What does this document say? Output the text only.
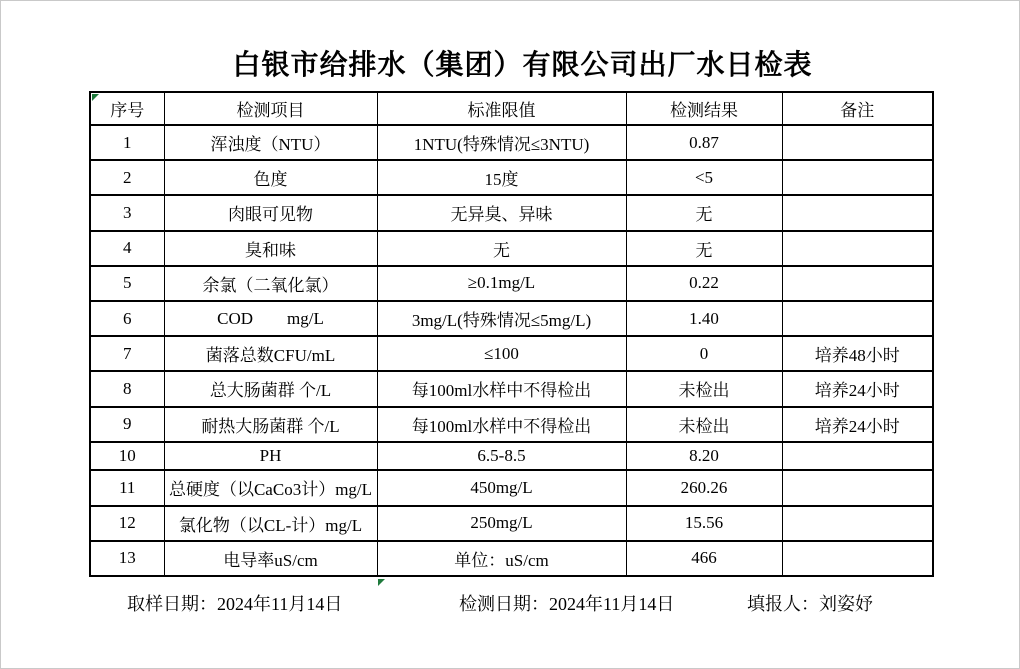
白银市给排水（集团）有限公司出厂水日检表
序号	检测项目	标准限值	检测结果	备注
1	浑浊度（NTU）	1NTU(特殊情况≤3NTU)	0.87	
2	色度	15度	<5	
3	肉眼可见物	无异臭、异味	无	
4	臭和味	无	无	
5	余氯（二氧化氯）	≥0.1mg/L	0.22	
6	COD        mg/L	3mg/L(特殊情况≤5mg/L)	1.40	
7	菌落总数CFU/mL	≤100	0	培养48小时
8	总大肠菌群 个/L	每100ml水样中不得检出	未检出	培养24小时
9	耐热大肠菌群 个/L	每100ml水样中不得检出	未检出	培养24小时
10	PH	6.5-8.5	8.20	
11	总硬度（以CaCo3计）mg/L	450mg/L	260.26	
12	氯化物（以CL-计）mg/L	250mg/L	15.56	
13	电导率uS/cm	单位：uS/cm	466	
取样日期：2024年11月14日	检测日期：2024年11月14日	填报人：刘姿妤
